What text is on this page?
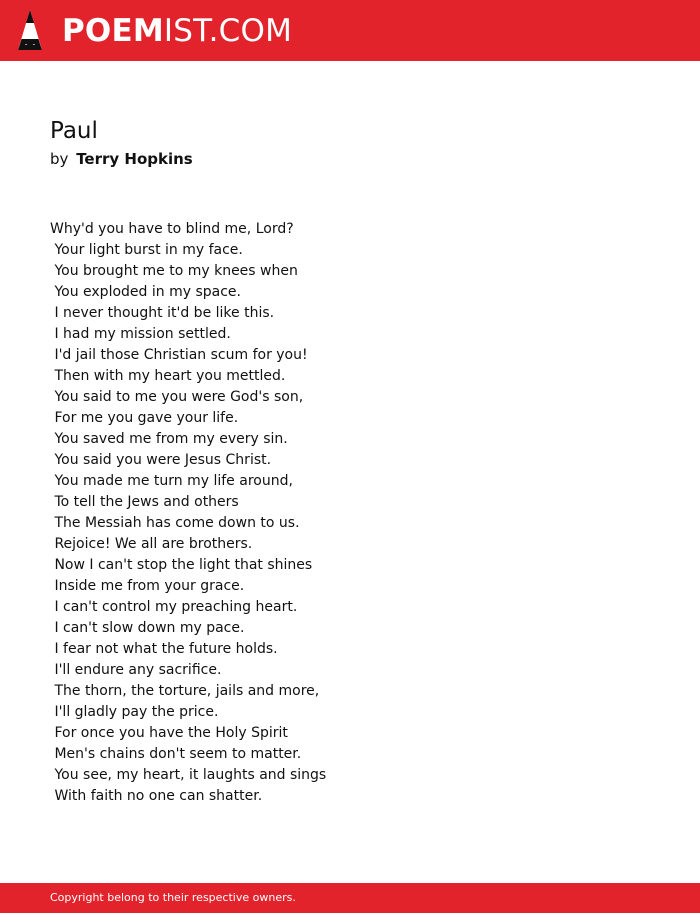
POEMIST.COM
Paul
by Terry Hopkins
Why'd you have to blind me, Lord?
Your light burst in my face.
You brought me to my knees when
You exploded in my space.
I never thought it'd be like this.
I had my mission settled.
I'd jail those Christian scum for you!
Then with my heart you mettled.
You said to me you were God's son,
For me you gave your life.
You saved me from my every sin.
You said you were Jesus Christ.
You made me turn my life around,
To tell the Jews and others
The Messiah has come down to us.
Rejoice! We all are brothers.
Now I can't stop the light that shines
Inside me from your grace.
I can't control my preaching heart.
I can't slow down my pace.
I fear not what the future holds.
I'll endure any sacrifice.
The thorn, the torture, jails and more,
I'll gladly pay the price.
For once you have the Holy Spirit
Men's chains don't seem to matter.
You see, my heart, it laughts and sings
With faith no one can shatter.
Copyright belong to their respective owners.
